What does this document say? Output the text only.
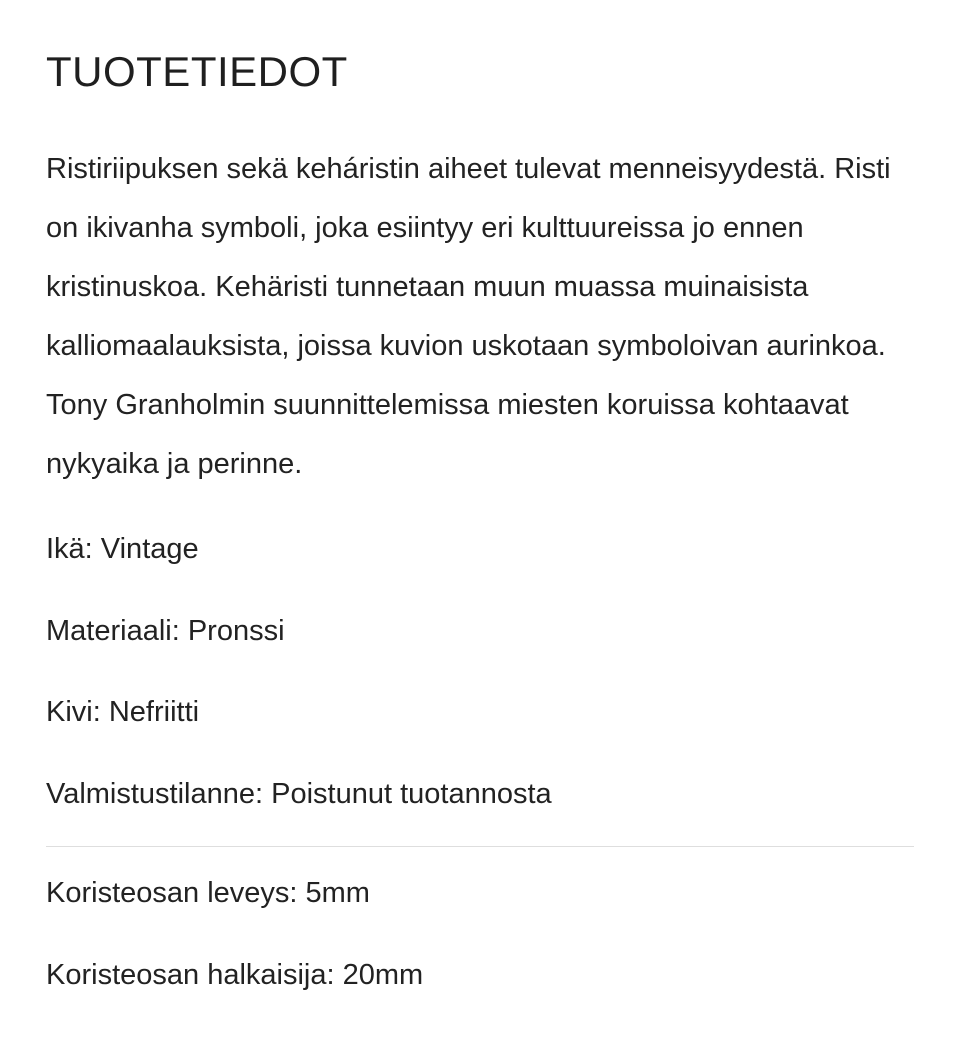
TUOTETIEDOT

Ristiriipuksen sekä keháristin aiheet tulevat menneisyydestä. Risti on ikivanha symboli, joka esiintyy eri kulttuureissa jo ennen kristinuskoa. Kehäristi tunnetaan muun muassa muinaisista kalliomaalauksista, joissa kuvion uskotaan symboloivan aurinkoa. Tony Granholmin suunnittelemissa miesten koruissa kohtaavat nykyaika ja perinne.

Ikä: Vintage
Materiaali: Pronssi
Kivi: Nefriitti
Valmistustilanne: Poistunut tuotannosta
Koristeosan leveys: 5mm
Koristeosan halkaisija: 20mm
